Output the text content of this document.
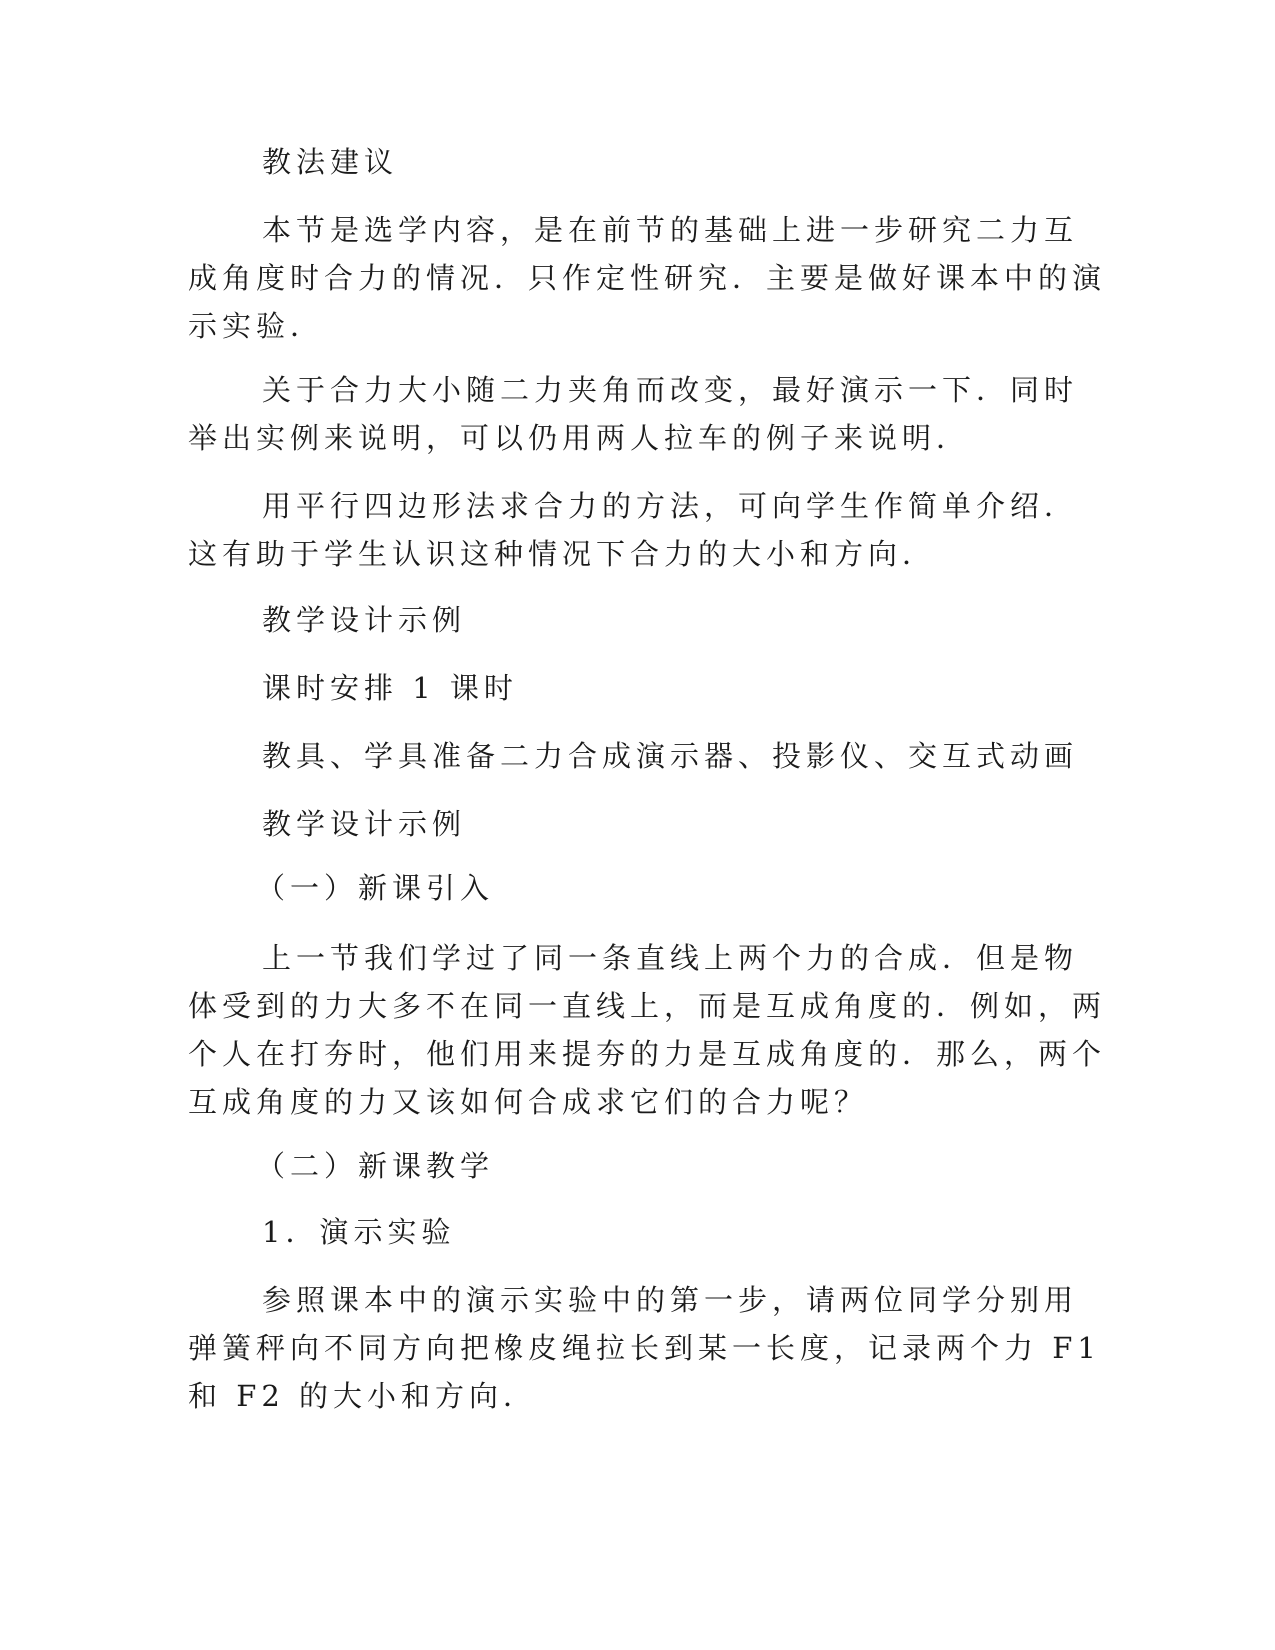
教法建议

本节是选学内容，是在前节的基础上进一步研究二力互
成角度时合力的情况．只作定性研究．主要是做好课本中的演
示实验．
关于合力大小随二力夹角而改变，最好演示一下．同时
举出实例来说明，可以仍用两人拉车的例子来说明．
用平行四边形法求合力的方法，可向学生作简单介绍．
这有助于学生认识这种情况下合力的大小和方向．

教学设计示例

课时安排 1 课时

教具、学具准备二力合成演示器、投影仪、交互式动画

教学设计示例

（一）新课引入

上一节我们学过了同一条直线上两个力的合成．但是物
体受到的力大多不在同一直线上，而是互成角度的．例如，两
个人在打夯时，他们用来提夯的力是互成角度的．那么，两个
互成角度的力又该如何合成求它们的合力呢？

（二）新课教学

1．演示实验

参照课本中的演示实验中的第一步，请两位同学分别用
弹簧秤向不同方向把橡皮绳拉长到某一长度，记录两个力 F1
和 F2 的大小和方向．
